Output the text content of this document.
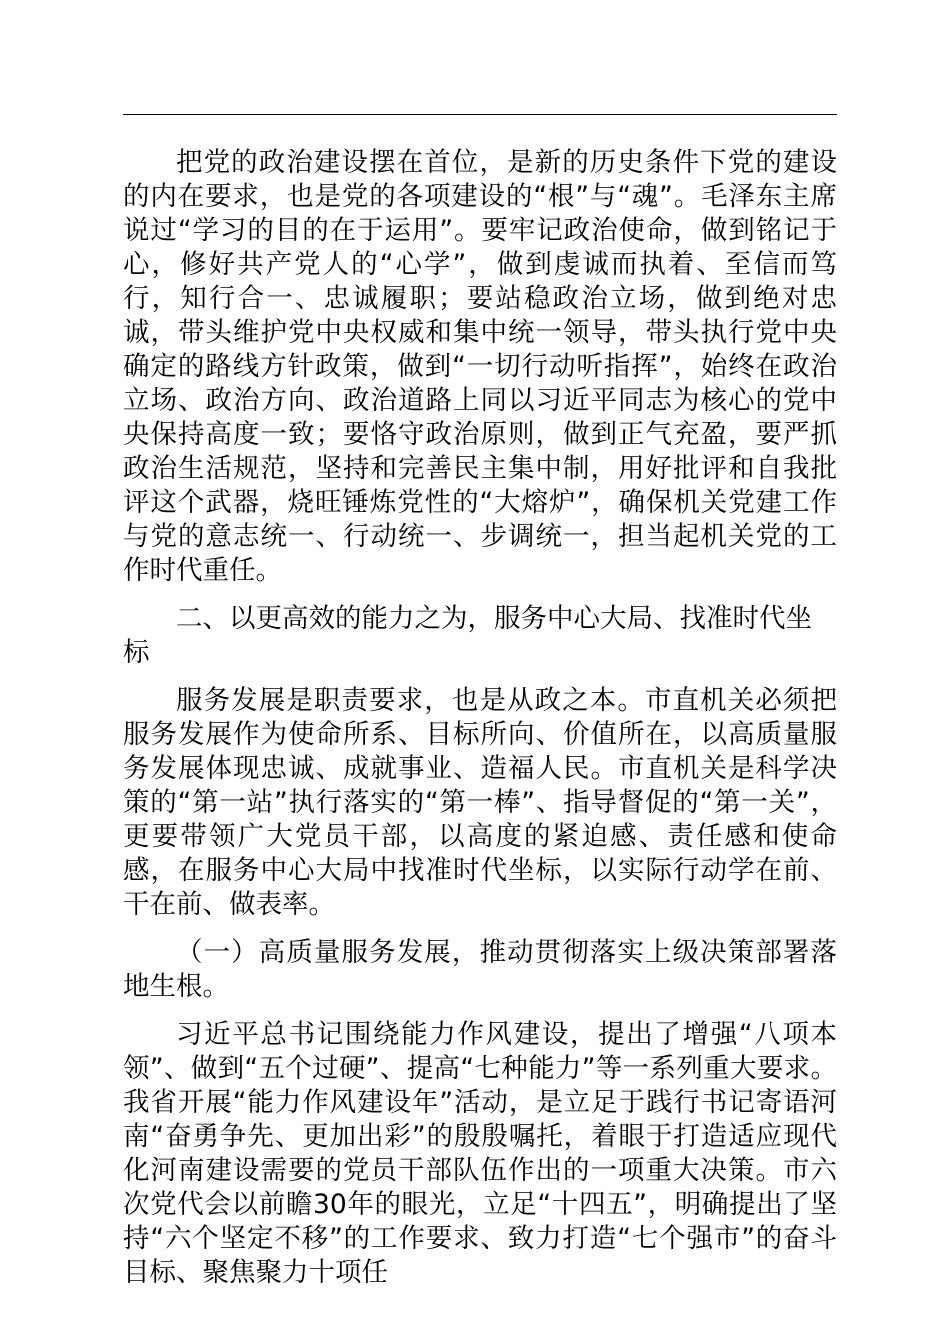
把党的政治建设摆在首位，是新的历史条件下党的建设的内在要求，也是党的各项建设的“根”与“魂”。毛泽东主席说过“学习的目的在于运用”。要牢记政治使命，做到铭记于心，修好共产党人的“心学”，做到虔诚而执着、至信而笃行，知行合一、忠诚履职；要站稳政治立场，做到绝对忠诚，带头维护党中央权威和集中统一领导，带头执行党中央确定的路线方针政策，做到“一切行动听指挥”，始终在政治立场、政治方向、政治道路上同以习近平同志为核心的党中央保持高度一致；要恪守政治原则，做到正气充盈，要严抓政治生活规范，坚持和完善民主集中制，用好批评和自我批评这个武器，烧旺锤炼党性的“大熔炉”，确保机关党建工作与党的意志统一、行动统一、步调统一，担当起机关党的工作时代重任。

二、以更高效的能力之为，服务中心大局、找准时代坐标

服务发展是职责要求，也是从政之本。市直机关必须把服务发展作为使命所系、目标所向、价值所在，以高质量服务发展体现忠诚、成就事业、造福人民。市直机关是科学决策的“第一站”执行落实的“第一棒”、指导督促的“第一关”，更要带领广大党员干部，以高度的紧迫感、责任感和使命感，在服务中心大局中找准时代坐标，以实际行动学在前、干在前、做表率。

（一）高质量服务发展，推动贯彻落实上级决策部署落地生根。

习近平总书记围绕能力作风建设，提出了增强“八项本领”、做到“五个过硬”、提高“七种能力”等一系列重大要求。我省开展“能力作风建设年”活动，是立足于践行书记寄语河南“奋勇争先、更加出彩”的殷殷嘱托，着眼于打造适应现代化河南建设需要的党员干部队伍作出的一项重大决策。市六次党代会以前瞻30年的眼光，立足“十四五”，明确提出了坚持“六个坚定不移”的工作要求、致力打造“七个强市”的奋斗目标、聚焦聚力十项任
